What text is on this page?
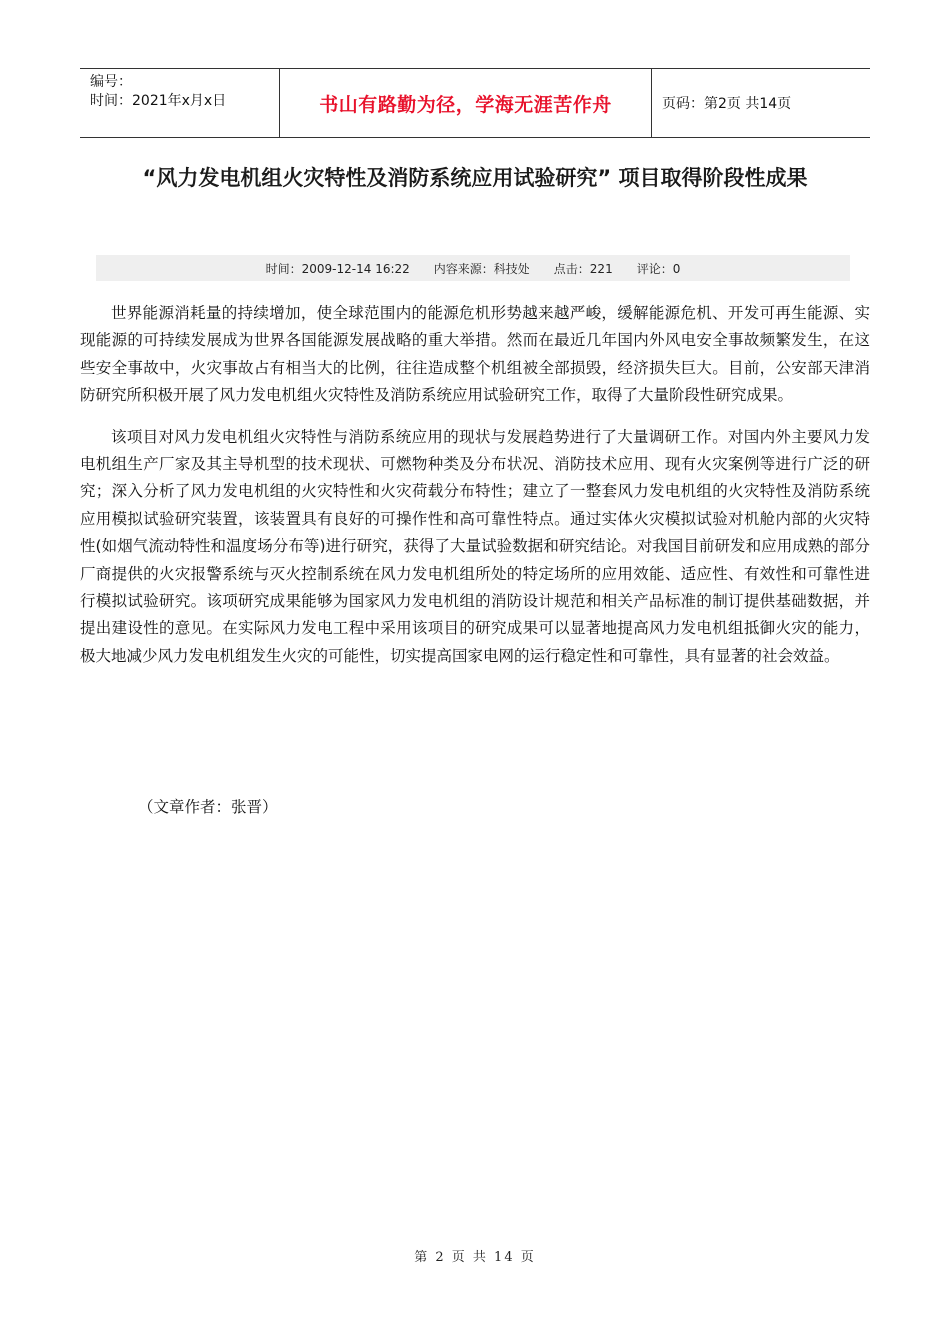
编号：
时间：2021年x月x日	书山有路勤为径，学海无涯苦作舟	页码：第2页 共14页
“风力发电机组火灾特性及消防系统应用试验研究” 项目取得阶段性成果
时间：2009-12-14 16:22 内容来源：科技处 点击：221 评论：0

世界能源消耗量的持续增加，使全球范围内的能源危机形势越来越严峻，缓解能源危机、开发可再生能源、实现能源的可持续发展成为世界各国能源发展战略的重大举措。然而在最近几年国内外风电安全事故频繁发生，在这些安全事故中，火灾事故占有相当大的比例，往往造成整个机组被全部损毁，经济损失巨大。目前，公安部天津消防研究所积极开展了风力发电机组火灾特性及消防系统应用试验研究工作，取得了大量阶段性研究成果。

该项目对风力发电机组火灾特性与消防系统应用的现状与发展趋势进行了大量调研工作。对国内外主要风力发电机组生产厂家及其主导机型的技术现状、可燃物种类及分布状况、消防技术应用、现有火灾案例等进行广泛的研究；深入分析了风力发电机组的火灾特性和火灾荷载分布特性；建立了一整套风力发电机组的火灾特性及消防系统应用模拟试验研究装置，该装置具有良好的可操作性和高可靠性特点。通过实体火灾模拟试验对机舱内部的火灾特性(如烟气流动特性和温度场分布等)进行研究，获得了大量试验数据和研究结论。对我国目前研发和应用成熟的部分厂商提供的火灾报警系统与灭火控制系统在风力发电机组所处的特定场所的应用效能、适应性、有效性和可靠性进行模拟试验研究。该项研究成果能够为国家风力发电机组的消防设计规范和相关产品标准的制订提供基础数据，并提出建设性的意见。在实际风力发电工程中采用该项目的研究成果可以显著地提高风力发电机组抵御火灾的能力，极大地减少风力发电机组发生火灾的可能性，切实提高国家电网的运行稳定性和可靠性，具有显著的社会效益。

（文章作者：张晋）
第 2 页 共 14 页
